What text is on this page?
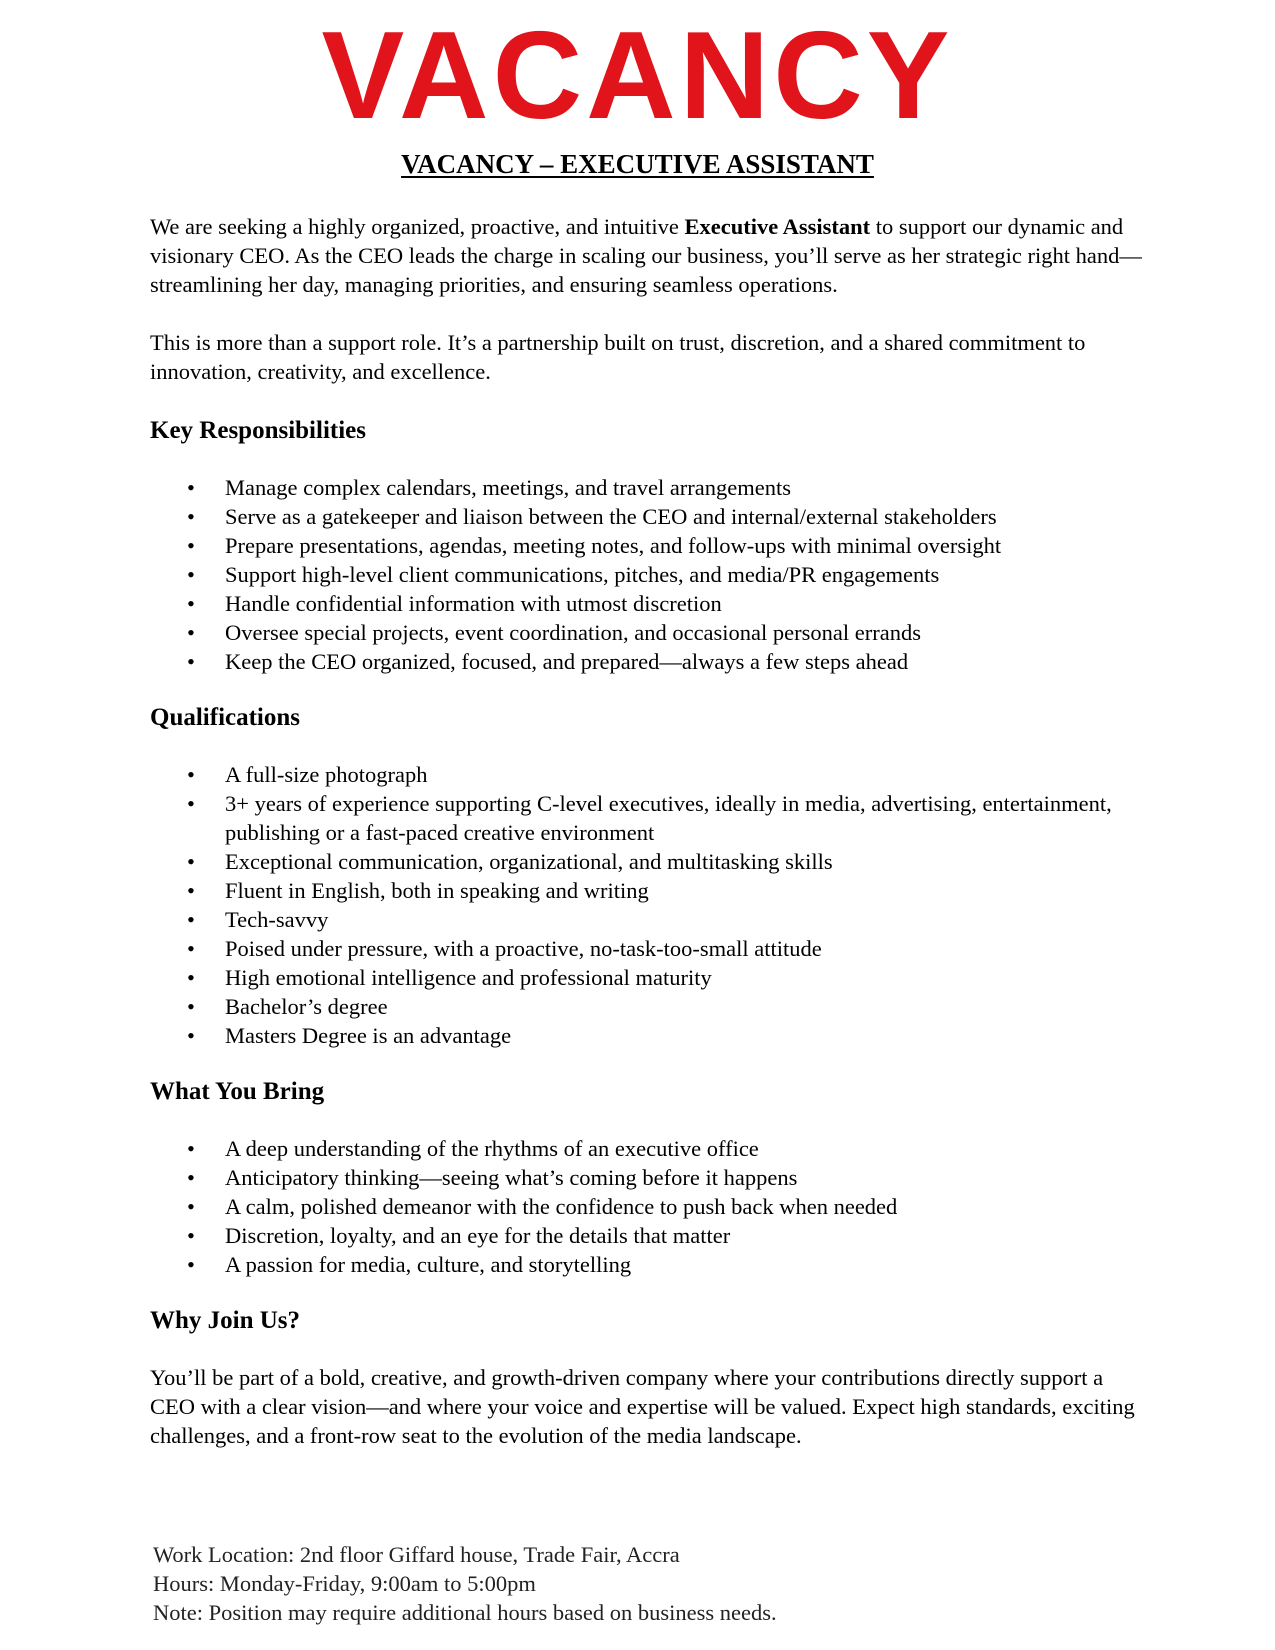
VACANCY
VACANCY – EXECUTIVE ASSISTANT

We are seeking a highly organized, proactive, and intuitive Executive Assistant to support our dynamic and visionary CEO. As the CEO leads the charge in scaling our business, you’ll serve as her strategic right hand—streamlining her day, managing priorities, and ensuring seamless operations.

This is more than a support role. It’s a partnership built on trust, discretion, and a shared commitment to innovation, creativity, and excellence.

Key Responsibilities
• Manage complex calendars, meetings, and travel arrangements
• Serve as a gatekeeper and liaison between the CEO and internal/external stakeholders
• Prepare presentations, agendas, meeting notes, and follow-ups with minimal oversight
• Support high-level client communications, pitches, and media/PR engagements
• Handle confidential information with utmost discretion
• Oversee special projects, event coordination, and occasional personal errands
• Keep the CEO organized, focused, and prepared—always a few steps ahead
Qualifications
• A full-size photograph
• 3+ years of experience supporting C-level executives, ideally in media, advertising, entertainment, publishing or a fast-paced creative environment
• Exceptional communication, organizational, and multitasking skills
• Fluent in English, both in speaking and writing
• Tech-savvy
• Poised under pressure, with a proactive, no-task-too-small attitude
• High emotional intelligence and professional maturity
• Bachelor’s degree
• Masters Degree is an advantage
What You Bring
• A deep understanding of the rhythms of an executive office
• Anticipatory thinking—seeing what’s coming before it happens
• A calm, polished demeanor with the confidence to push back when needed
• Discretion, loyalty, and an eye for the details that matter
• A passion for media, culture, and storytelling
Why Join Us?

You’ll be part of a bold, creative, and growth-driven company where your contributions directly support a CEO with a clear vision—and where your voice and expertise will be valued. Expect high standards, exciting challenges, and a front-row seat to the evolution of the media landscape.

Work Location: 2nd floor Giffard house, Trade Fair, Accra
Hours: Monday-Friday, 9:00am to 5:00pm
Note: Position may require additional hours based on business needs.
